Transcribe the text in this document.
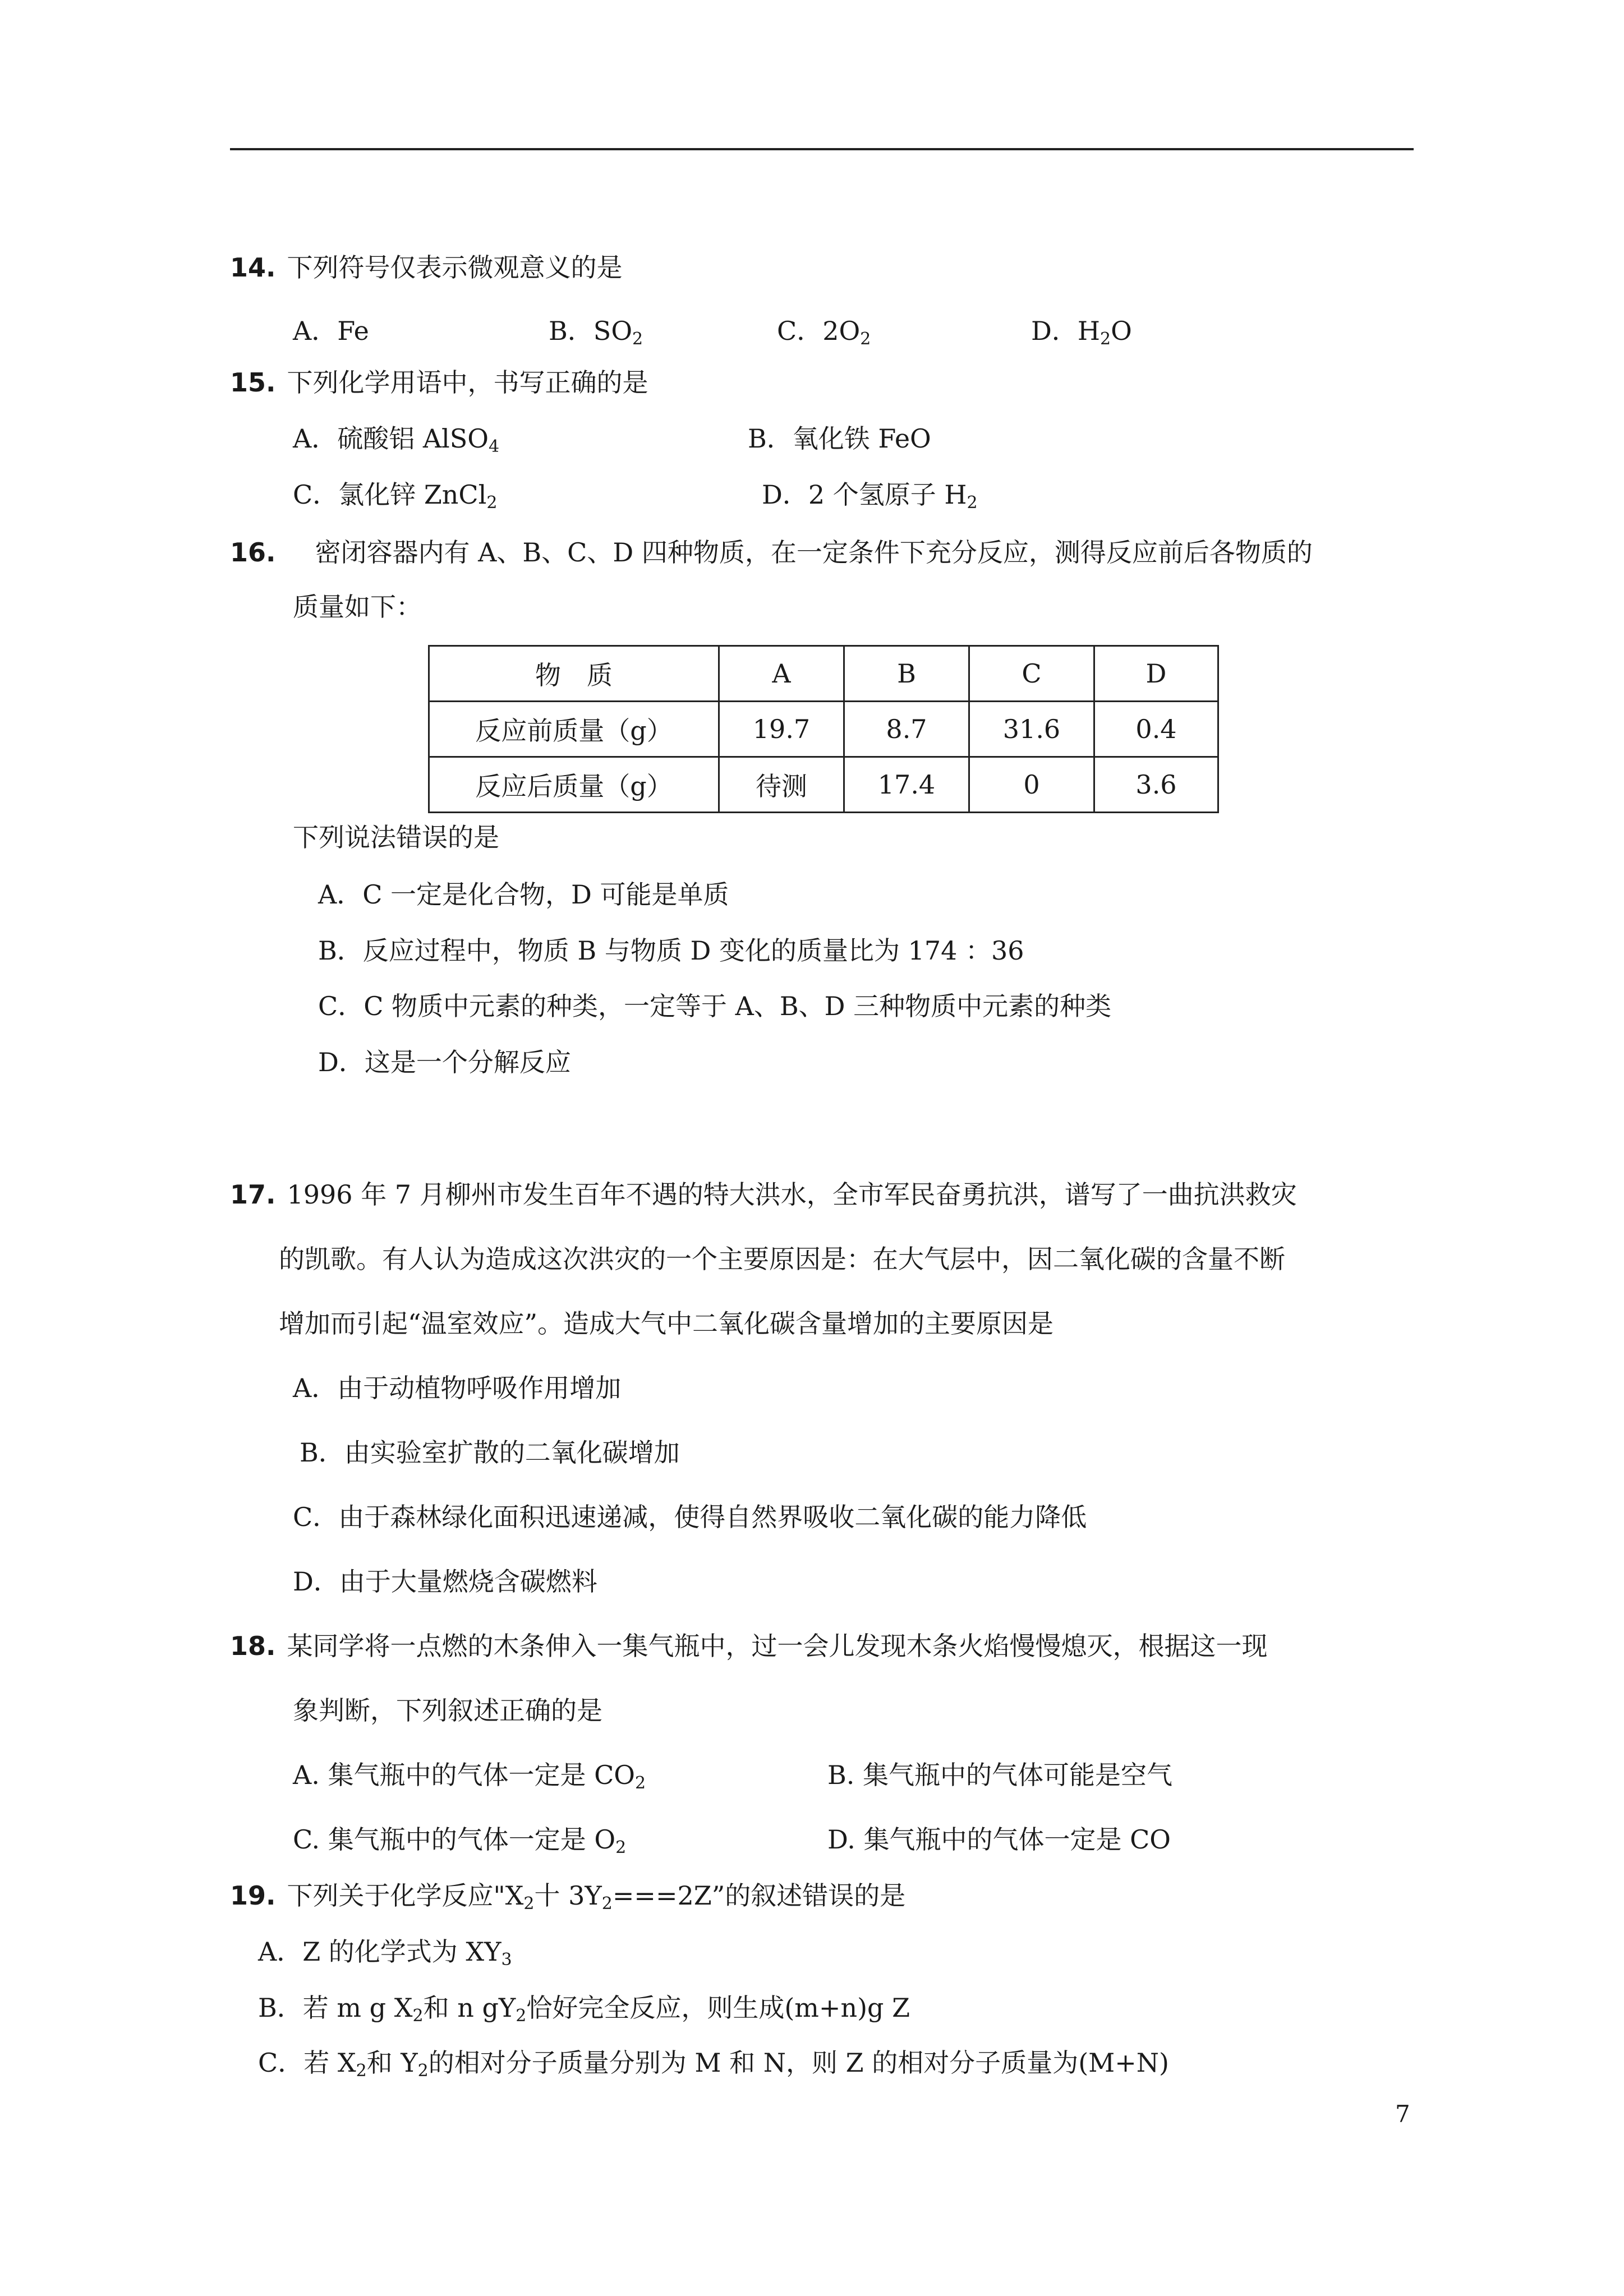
14. 下列符号仅表示微观意义的是
A．Fe	B．$SO_2$	C．$2O_2$	D．$H_2O$
15. 下列化学用语中，书写正确的是
A．硫酸铝 AlSO$_4$	B．氧化铁 FeO
C．氯化锌 ZnCl$_2$	D．2 个氢原子 $H_2$
16. 密闭容器内有 A、B、C、D 四种物质，在一定条件下充分反应，测得反应前后各物质的
质量如下：
物　质	A	B	C	D
反应前质量（g）	19.7	8.7	31.6	0.4
反应后质量（g）	待测	17.4	0	3.6
下列说法错误的是
A．C 一定是化合物，D 可能是单质
B．反应过程中，物质 B 与物质 D 变化的质量比为 174 ：36
C．C 物质中元素的种类，一定等于 A、B、D 三种物质中元素的种类
D．这是一个分解反应
17. 1996 年 7 月柳州市发生百年不遇的特大洪水，全市军民奋勇抗洪，谱写了一曲抗洪救灾
的凯歌。有人认为造成这次洪灾的一个主要原因是：在大气层中，因二氧化碳的含量不断
增加而引起“温室效应”。造成大气中二氧化碳含量增加的主要原因是
A．由于动植物呼吸作用增加
B．由实验室扩散的二氧化碳增加
C．由于森林绿化面积迅速递减，使得自然界吸收二氧化碳的能力降低
D．由于大量燃烧含碳燃料
18. 某同学将一点燃的木条伸入一集气瓶中，过一会儿发现木条火焰慢慢熄灭，根据这一现
象判断，下列叙述正确的是
A. 集气瓶中的气体一定是 $CO_2$	B. 集气瓶中的气体可能是空气
C. 集气瓶中的气体一定是 $O_2$	D. 集气瓶中的气体一定是 CO
19. 下列关于化学反应"$X_2$十 $3Y_2===2Z$”的叙述错误的是
A．Z 的化学式为 $XY_3$
B．若 m g $X_2$和 n $gY_2$恰好完全反应，则生成(m+n)g Z
C．若 $X_2$和 $Y_2$的相对分子质量分别为 M 和 N，则 Z 的相对分子质量为(M+N)
7
